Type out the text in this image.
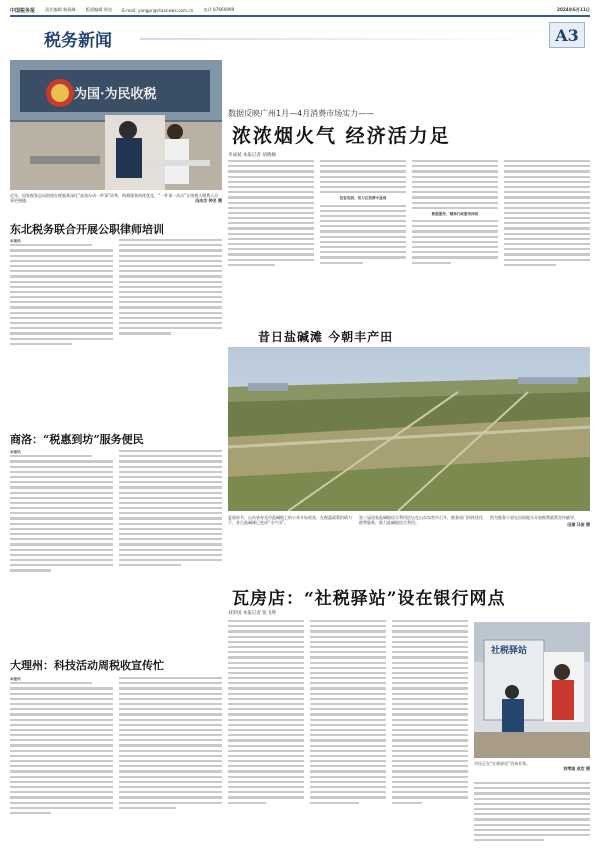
中国税务报 责任编辑 韩燕峰 版面编辑 郑亮 E-mail: yangpr@ctaxnews.com.cn 电话 87660999	2024年6月11日
税务新闻	A3
为国·为民收税
近年，国家税务总局围绕办税服务深化“高效办成一件事”改革，纳税服务持续优化，“一件事一次办”让纳税人缴费人办事更便捷。	冯冰杰 钟名 摄
东北税务联合开展公职律师培训
本报讯
商洛：“税惠到坊”服务便民
本报讯
大理州：科技活动周税收宣传忙
本报讯
数据反映广州1月—4月消费市场实力——
浓浓烟火气 经济活力足
李成斌 本报记者 胡晓楠
包容发展，活力在消费中显现
数据服务，精准行政服务持续
昔日盐碱滩 今朝丰产田
夏收时节，山东省寿光市盐碱地上的小麦开始收获，在税惠政策的助力下，昔日盐碱滩已变成“丰产田”。
第三届国家盐碱地综合利用论坛在山东东营市召开，税务部门持续优化税费服务，助力盐碱地综合利用。
图为税务干部在田间地头开展税费政策宣传辅导。
田源 马俊 摄
瓦房店：“社税驿站”设在银行网点
刘荣国 本报记者 张飞瑛
社税驿站
市民正在“社税驿站”咨询业务。
刘荣国 成宏 摄
